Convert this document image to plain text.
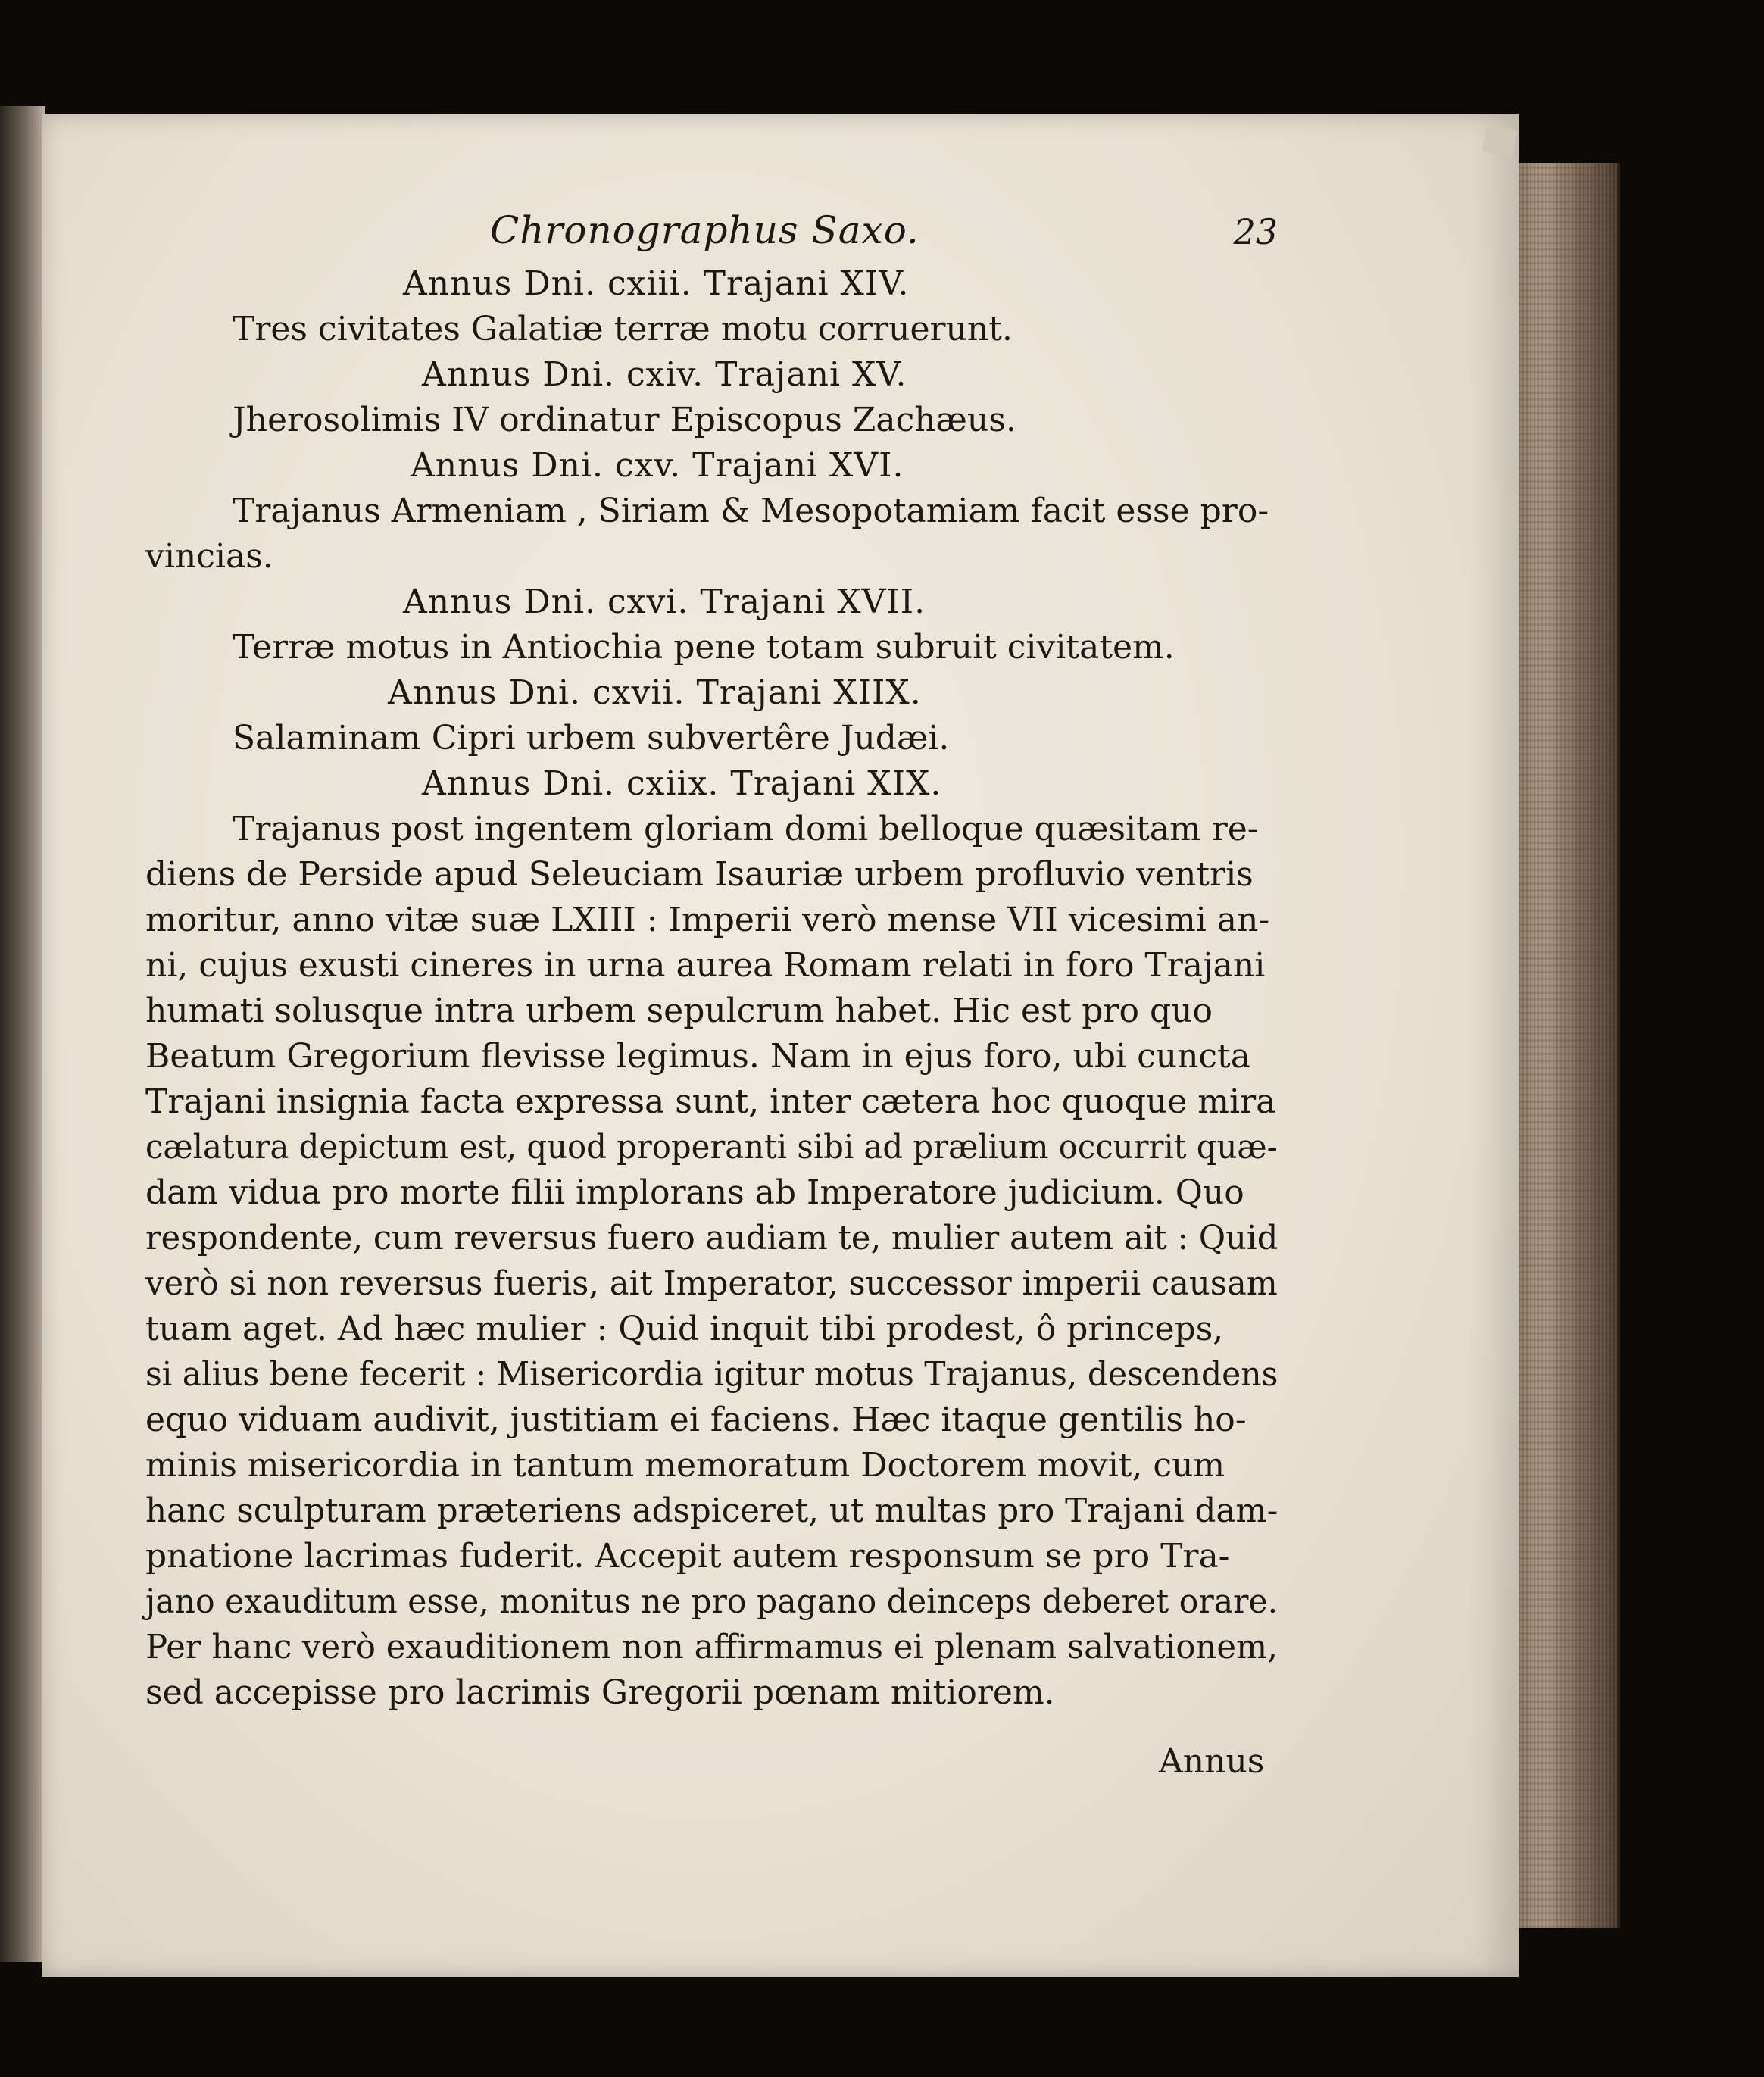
Chronographus Saxo.	23
Annus Dni. cxiii. Trajani XIV.
Tres civitates Galatiæ terræ motu corruerunt.
Annus Dni. cxiv. Trajani XV.
Jherosolimis IV ordinatur Episcopus Zachæus.
Annus Dni. cxv. Trajani XVI.
Trajanus Armeniam , Siriam & Mesopotamiam facit esse pro-
vincias.
Annus Dni. cxvi. Trajani XVII.
Terræ motus in Antiochia pene totam subruit civitatem.
Annus Dni. cxvii. Trajani XIIX.
Salaminam Cipri urbem subvertêre Judæi.
Annus Dni. cxiix. Trajani XIX.
Trajanus post ingentem gloriam domi belloque quæsitam re-
diens de Perside apud Seleuciam Isauriæ urbem profluvio ventris
moritur, anno vitæ suæ LXIII : Imperii verò mense VII vicesimi an-
ni, cujus exusti cineres in urna aurea Romam relati in foro Trajani
humati solusque intra urbem sepulcrum habet. Hic est pro quo
Beatum Gregorium flevisse legimus. Nam in ejus foro, ubi cuncta
Trajani insignia facta expressa sunt, inter cætera hoc quoque mira
cælatura depictum est, quod properanti sibi ad prælium occurrit quæ-
dam vidua pro morte filii implorans ab Imperatore judicium. Quo
respondente, cum reversus fuero audiam te, mulier autem ait : Quid
verò si non reversus fueris, ait Imperator, successor imperii causam
tuam aget. Ad hæc mulier : Quid inquit tibi prodest, ô princeps,
si alius bene fecerit : Misericordia igitur motus Trajanus, descendens
equo viduam audivit, justitiam ei faciens. Hæc itaque gentilis ho-
minis misericordia in tantum memoratum Doctorem movit, cum
hanc sculpturam præteriens adspiceret, ut multas pro Trajani dam-
pnatione lacrimas fuderit. Accepit autem responsum se pro Tra-
jano exauditum esse, monitus ne pro pagano deinceps deberet orare.
Per hanc verò exauditionem non affirmamus ei plenam salvationem,
sed accepisse pro lacrimis Gregorii pœnam mitiorem.
Annus
